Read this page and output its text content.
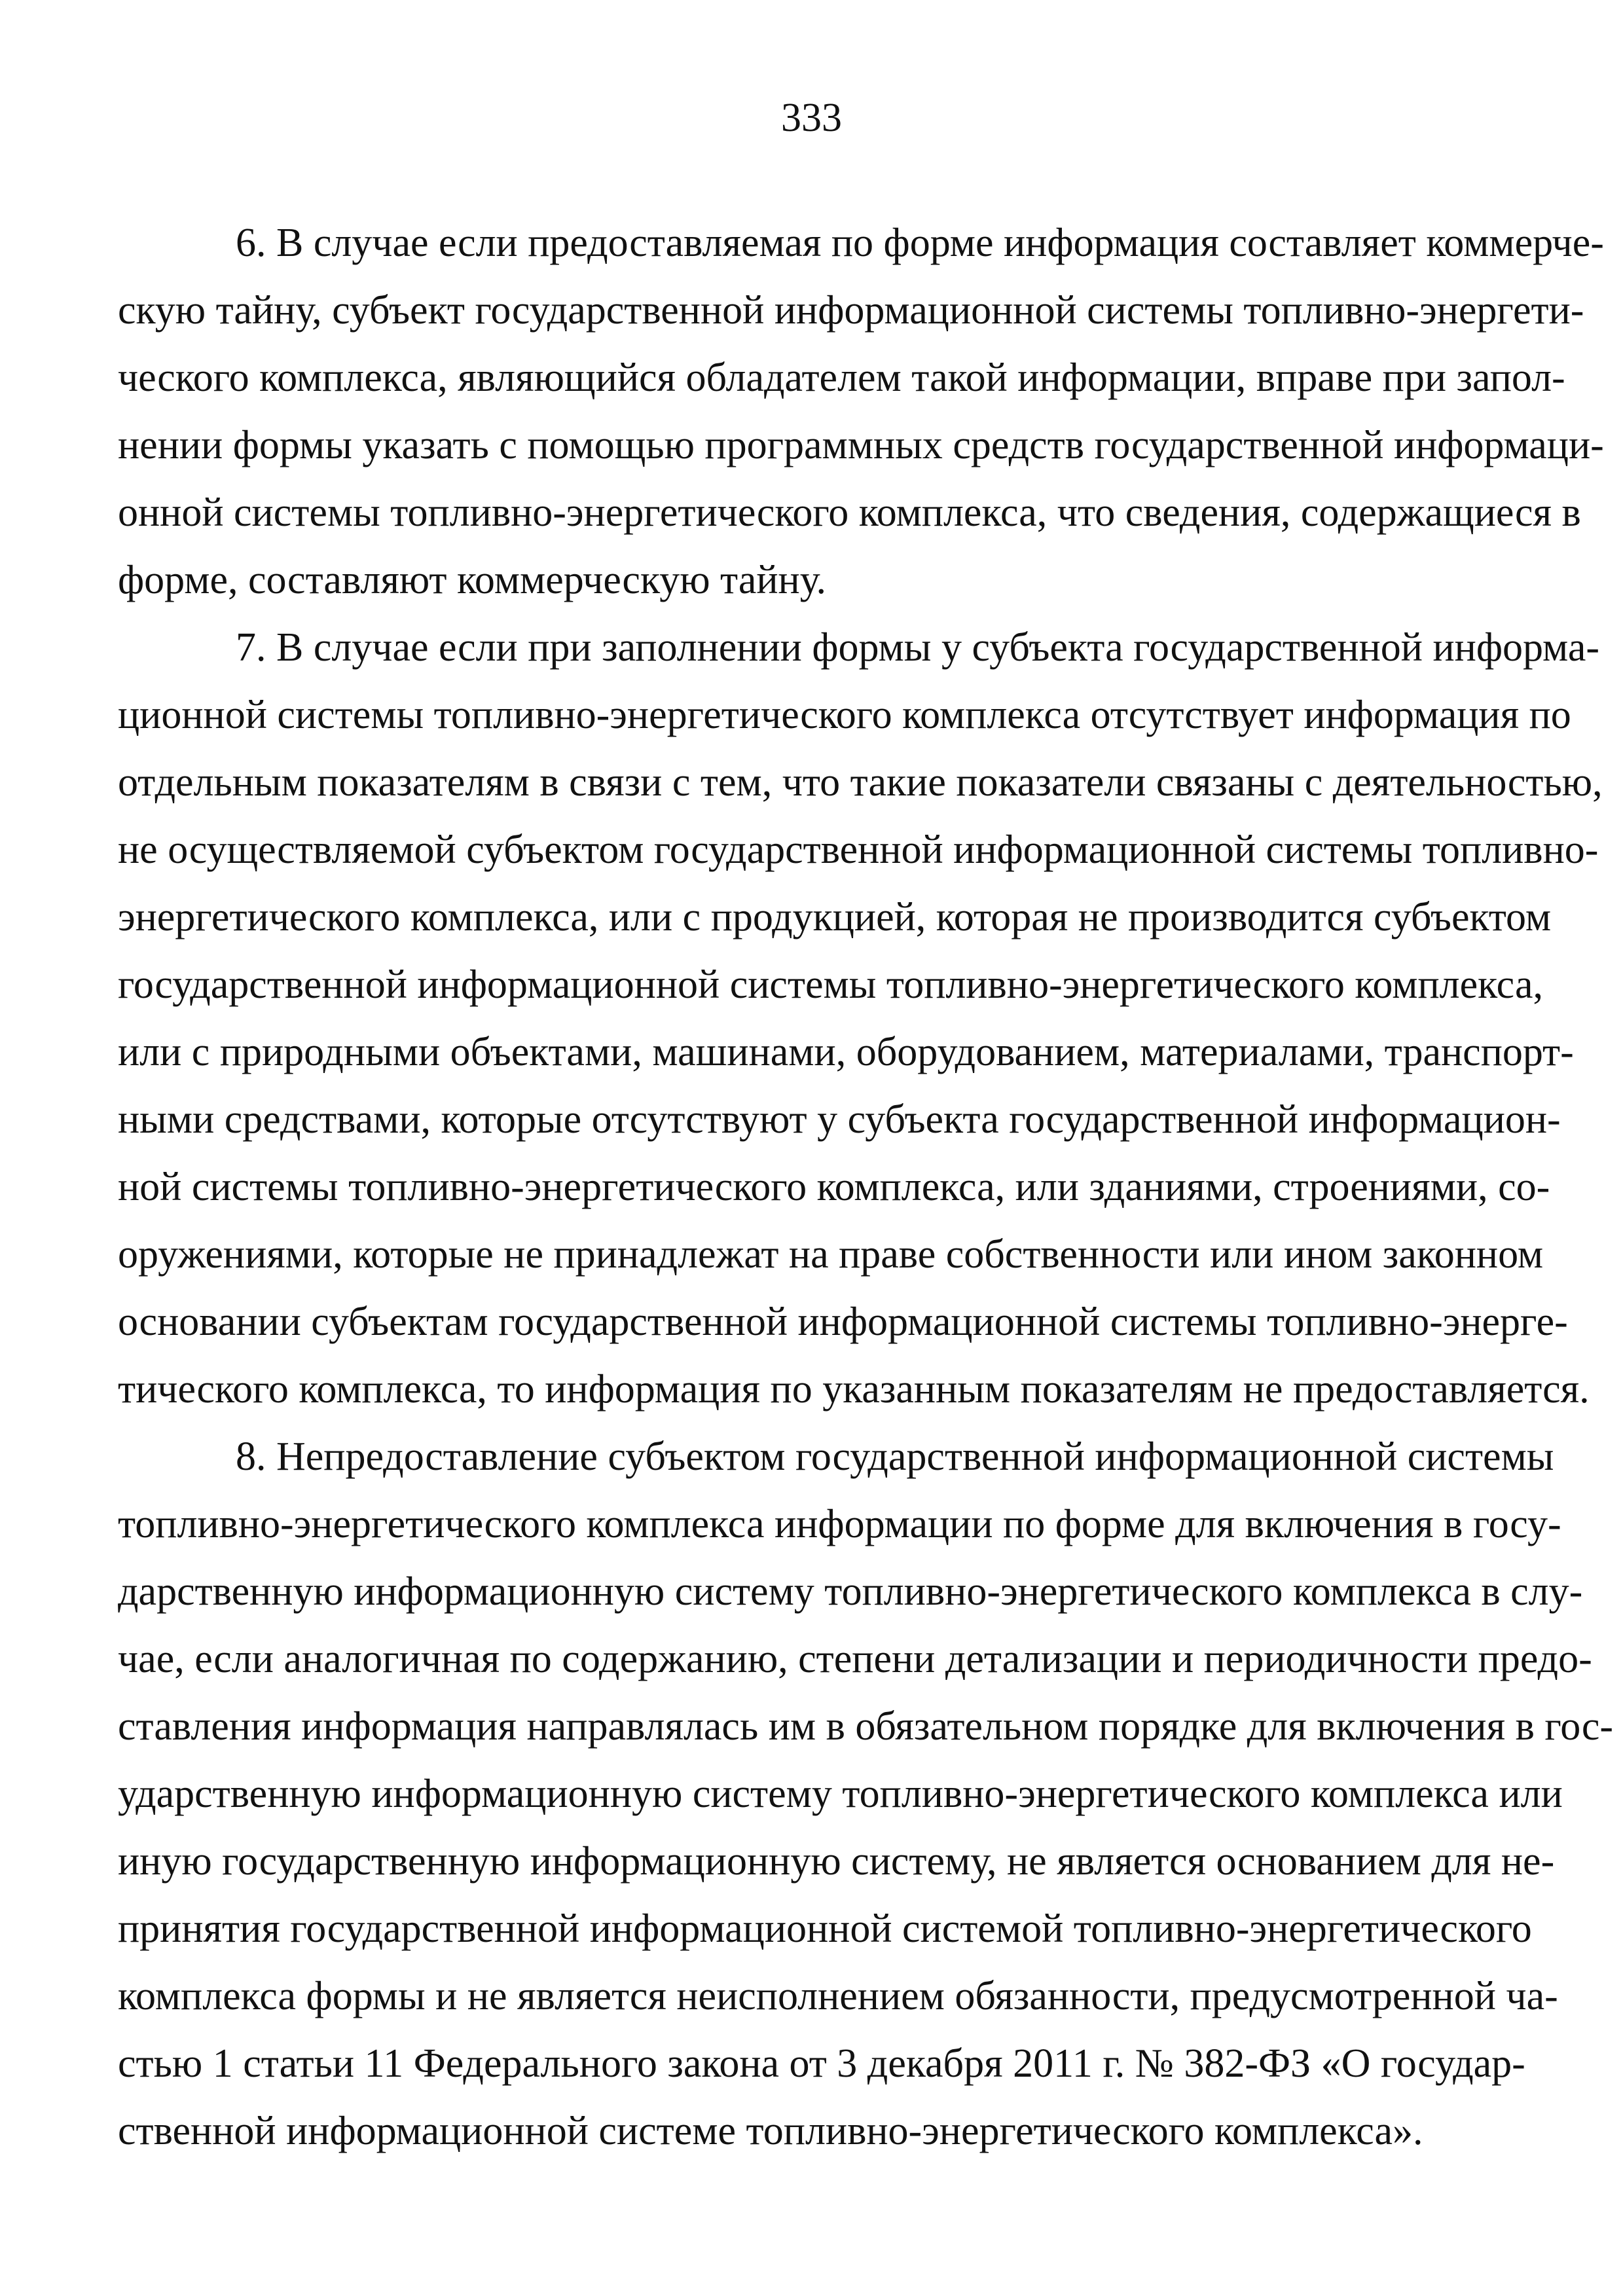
333
6. В случае если предоставляемая по форме информация составляет коммерче-
скую тайну, субъект государственной информационной системы топливно-энергети-
ческого комплекса, являющийся обладателем такой информации, вправе при запол-
нении формы указать с помощью программных средств государственной информаци-
онной системы топливно-энергетического комплекса, что сведения, содержащиеся в
форме, составляют коммерческую тайну.
7. В случае если при заполнении формы у субъекта государственной информа-
ционной системы топливно-энергетического комплекса отсутствует информация по
отдельным показателям в связи с тем, что такие показатели связаны с деятельностью,
не осуществляемой субъектом государственной информационной системы топливно-
энергетического комплекса, или с продукцией, которая не производится субъектом
государственной информационной системы топливно-энергетического комплекса,
или с природными объектами, машинами, оборудованием, материалами, транспорт-
ными средствами, которые отсутствуют у субъекта государственной информацион-
ной системы топливно-энергетического комплекса, или зданиями, строениями, со-
оружениями, которые не принадлежат на праве собственности или ином законном
основании субъектам государственной информационной системы топливно-энерге-
тического комплекса, то информация по указанным показателям не предоставляется.
8. Непредоставление субъектом государственной информационной системы
топливно-энергетического комплекса информации по форме для включения в госу-
дарственную информационную систему топливно-энергетического комплекса в слу-
чае, если аналогичная по содержанию, степени детализации и периодичности предо-
ставления информация направлялась им в обязательном порядке для включения в гос-
ударственную информационную систему топливно-энергетического комплекса или
иную государственную информационную систему, не является основанием для не-
принятия государственной информационной системой топливно-энергетического
комплекса формы и не является неисполнением обязанности, предусмотренной ча-
стью 1 статьи 11 Федерального закона от 3 декабря 2011 г. № 382-ФЗ «О государ-
ственной информационной системе топливно-энергетического комплекса».
